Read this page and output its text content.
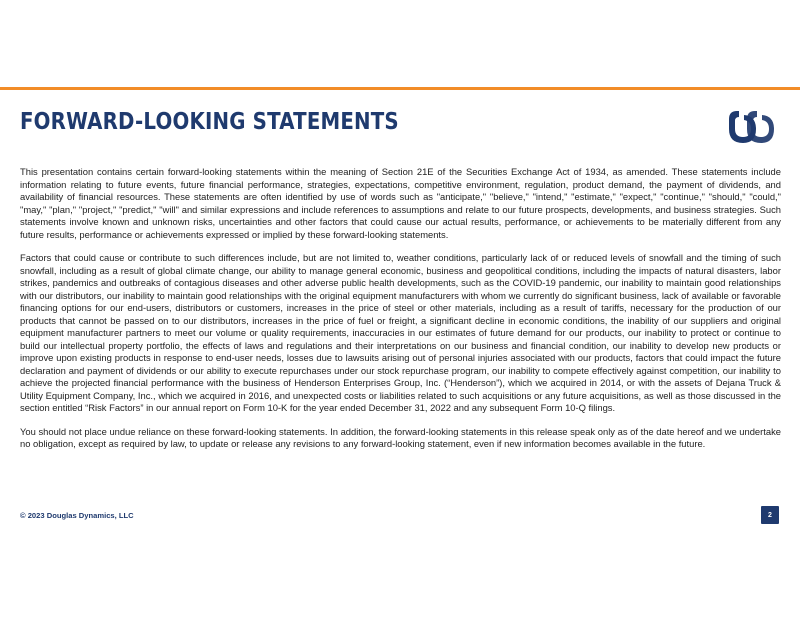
FORWARD-LOOKING STATEMENTS

This presentation contains certain forward-looking statements within the meaning of Section 21E of the Securities Exchange Act of 1934, as amended. These statements include information relating to future events, future financial performance, strategies, expectations, competitive environment, regulation, product demand, the payment of dividends, and availability of financial resources. These statements are often identified by use of words such as "anticipate," "believe," "intend," "estimate," "expect," "continue," "should," "could," "may," "plan," "project," "predict," "will" and similar expressions and include references to assumptions and relate to our future prospects, developments, and business strategies. Such statements involve known and unknown risks, uncertainties and other factors that could cause our actual results, performance, or achievements to be materially different from any future results, performance or achievements expressed or implied by these forward-looking statements.

Factors that could cause or contribute to such differences include, but are not limited to, weather conditions, particularly lack of or reduced levels of snowfall and the timing of such snowfall, including as a result of global climate change, our ability to manage general economic, business and geopolitical conditions, including the impacts of natural disasters, labor strikes, pandemics and outbreaks of contagious diseases and other adverse public health developments, such as the COVID-19 pandemic, our inability to maintain good relationships with our distributors, our inability to maintain good relationships with the original equipment manufacturers with whom we currently do significant business, lack of available or favorable financing options for our end-users, distributors or customers, increases in the price of steel or other materials, including as a result of tariffs, necessary for the production of our products that cannot be passed on to our distributors, increases in the price of fuel or freight, a significant decline in economic conditions, the inability of our suppliers and original equipment manufacturer partners to meet our volume or quality requirements, inaccuracies in our estimates of future demand for our products, our inability to protect or continue to build our intellectual property portfolio, the effects of laws and regulations and their interpretations on our business and financial condition, our inability to develop new products or improve upon existing products in response to end-user needs, losses due to lawsuits arising out of personal injuries associated with our products, factors that could impact the future declaration and payment of dividends or our ability to execute repurchases under our stock repurchase program, our inability to compete effectively against competition, our inability to achieve the projected financial performance with the business of Henderson Enterprises Group, Inc. (“Henderson”), which we acquired in 2014, or with the assets of Dejana Truck & Utility Equipment Company, Inc., which we acquired in 2016, and unexpected costs or liabilities related to such acquisitions or any future acquisitions, as well as those discussed in the section entitled “Risk Factors” in our annual report on Form 10-K for the year ended December 31, 2022 and any subsequent Form 10-Q filings.

You should not place undue reliance on these forward-looking statements. In addition, the forward-looking statements in this release speak only as of the date hereof and we undertake no obligation, except as required by law, to update or release any revisions to any forward-looking statement, even if new information becomes available in the future.

© 2023 Douglas Dynamics, LLC	2
